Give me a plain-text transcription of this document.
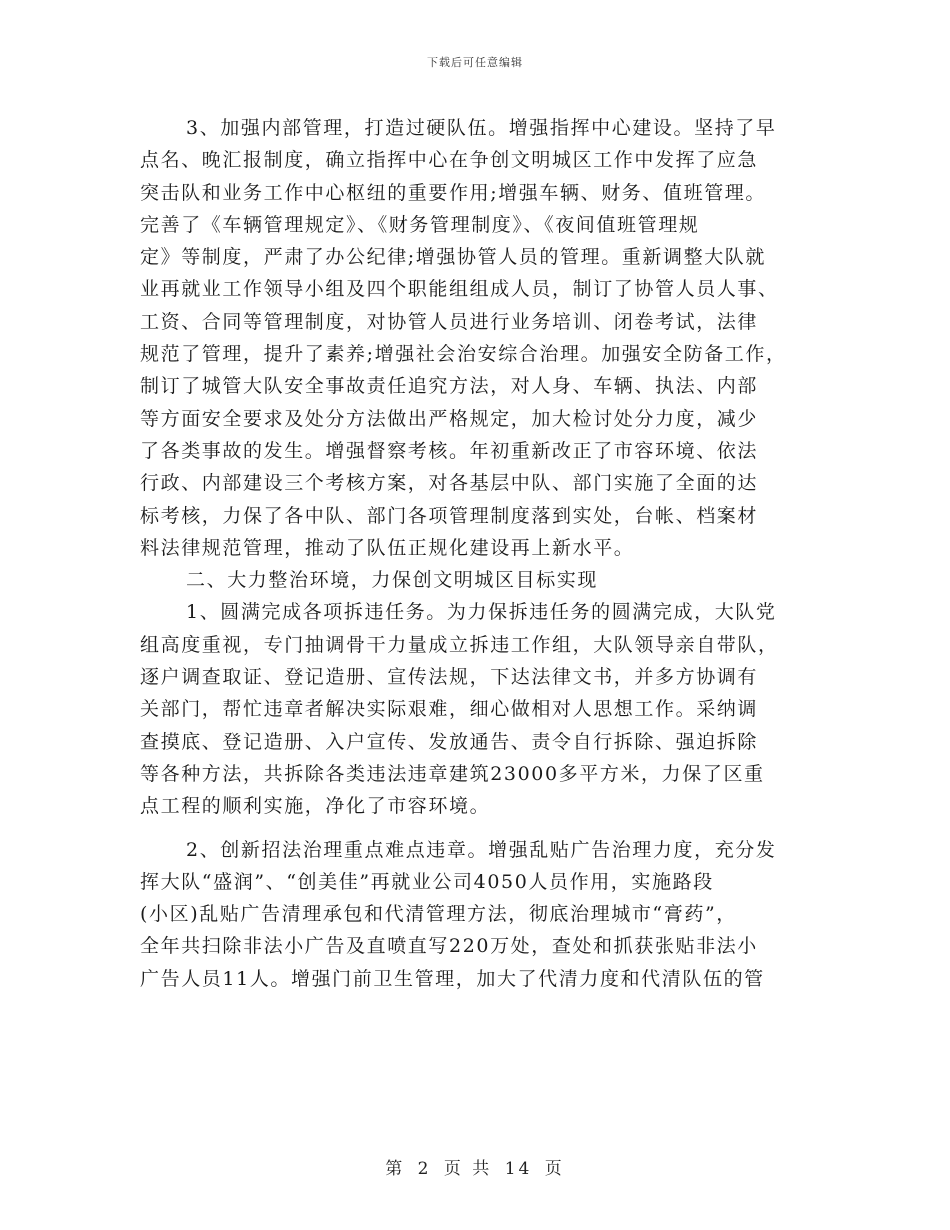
下载后可任意编辑
3、加强内部管理，打造过硬队伍。增强指挥中心建设。坚持了早
点名、晚汇报制度，确立指挥中心在争创文明城区工作中发挥了应急
突击队和业务工作中心枢纽的重要作用;增强车辆、财务、值班管理。
完善了《车辆管理规定》、《财务管理制度》、《夜间值班管理规
定》等制度，严肃了办公纪律;增强协管人员的管理。重新调整大队就
业再就业工作领导小组及四个职能组组成人员，制订了协管人员人事、
工资、合同等管理制度，对协管人员进行业务培训、闭卷考试，法律
规范了管理，提升了素养;增强社会治安综合治理。加强安全防备工作，
制订了城管大队安全事故责任追究方法，对人身、车辆、执法、内部
等方面安全要求及处分方法做出严格规定，加大检讨处分力度，减少
了各类事故的发生。增强督察考核。年初重新改正了市容环境、依法
行政、内部建设三个考核方案，对各基层中队、部门实施了全面的达
标考核，力保了各中队、部门各项管理制度落到实处，台帐、档案材
料法律规范管理，推动了队伍正规化建设再上新水平。
二、大力整治环境，力保创文明城区目标实现
1、圆满完成各项拆违任务。为力保拆违任务的圆满完成，大队党
组高度重视，专门抽调骨干力量成立拆违工作组，大队领导亲自带队，
逐户调查取证、登记造册、宣传法规，下达法律文书，并多方协调有
关部门，帮忙违章者解决实际艰难，细心做相对人思想工作。采纳调
查摸底、登记造册、入户宣传、发放通告、责令自行拆除、强迫拆除
等各种方法，共拆除各类违法违章建筑23000多平方米，力保了区重
点工程的顺利实施，净化了市容环境。
2、创新招法治理重点难点违章。增强乱贴广告治理力度，充分发
挥大队“盛润”、“创美佳”再就业公司4050人员作用，实施路段
(小区)乱贴广告清理承包和代清管理方法，彻底治理城市“膏药”，
全年共扫除非法小广告及直喷直写220万处，查处和抓获张贴非法小
广告人员11人。增强门前卫生管理，加大了代清力度和代清队伍的管
第 2 页 共 14 页
